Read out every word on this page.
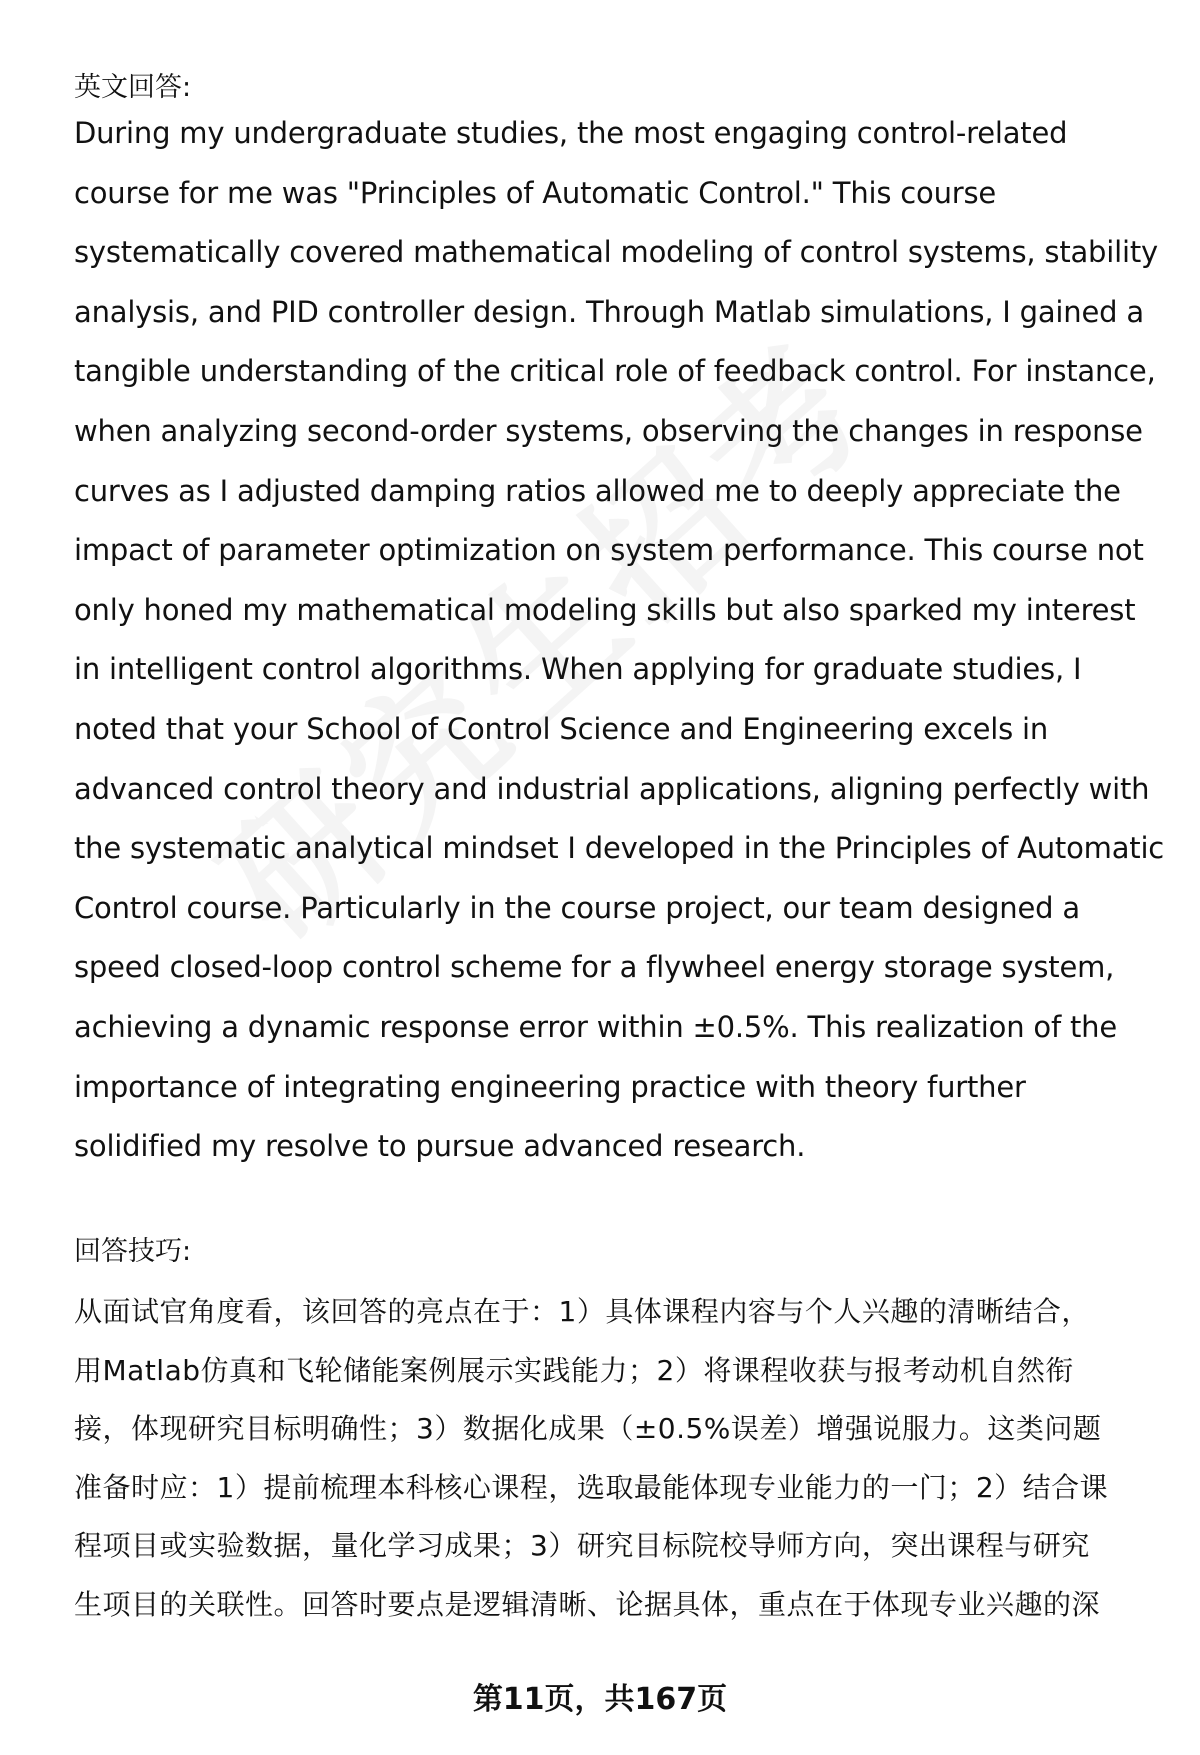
英文回答:

During my undergraduate studies, the most engaging control-related
course for me was "Principles of Automatic Control." This course
systematically covered mathematical modeling of control systems, stability
analysis, and PID controller design. Through Matlab simulations, I gained a
tangible understanding of the critical role of feedback control. For instance,
when analyzing second-order systems, observing the changes in response
curves as I adjusted damping ratios allowed me to deeply appreciate the
impact of parameter optimization on system performance. This course not
only honed my mathematical modeling skills but also sparked my interest
in intelligent control algorithms. When applying for graduate studies, I
noted that your School of Control Science and Engineering excels in
advanced control theory and industrial applications, aligning perfectly with
the systematic analytical mindset I developed in the Principles of Automatic
Control course. Particularly in the course project, our team designed a
speed closed-loop control scheme for a flywheel energy storage system,
achieving a dynamic response error within ±0.5%. This realization of the
importance of integrating engineering practice with theory further
solidified my resolve to pursue advanced research.

回答技巧:

从面试官角度看，该回答的亮点在于：1）具体课程内容与个人兴趣的清晰结合，
用Matlab仿真和飞轮储能案例展示实践能力；2）将课程收获与报考动机自然衔
接，体现研究目标明确性；3）数据化成果（±0.5%误差）增强说服力。这类问题
准备时应：1）提前梳理本科核心课程，选取最能体现专业能力的一门；2）结合课
程项目或实验数据，量化学习成果；3）研究目标院校导师方向，突出课程与研究
生项目的关联性。回答时要点是逻辑清晰、论据具体，重点在于体现专业兴趣的深

第11页，共167页
